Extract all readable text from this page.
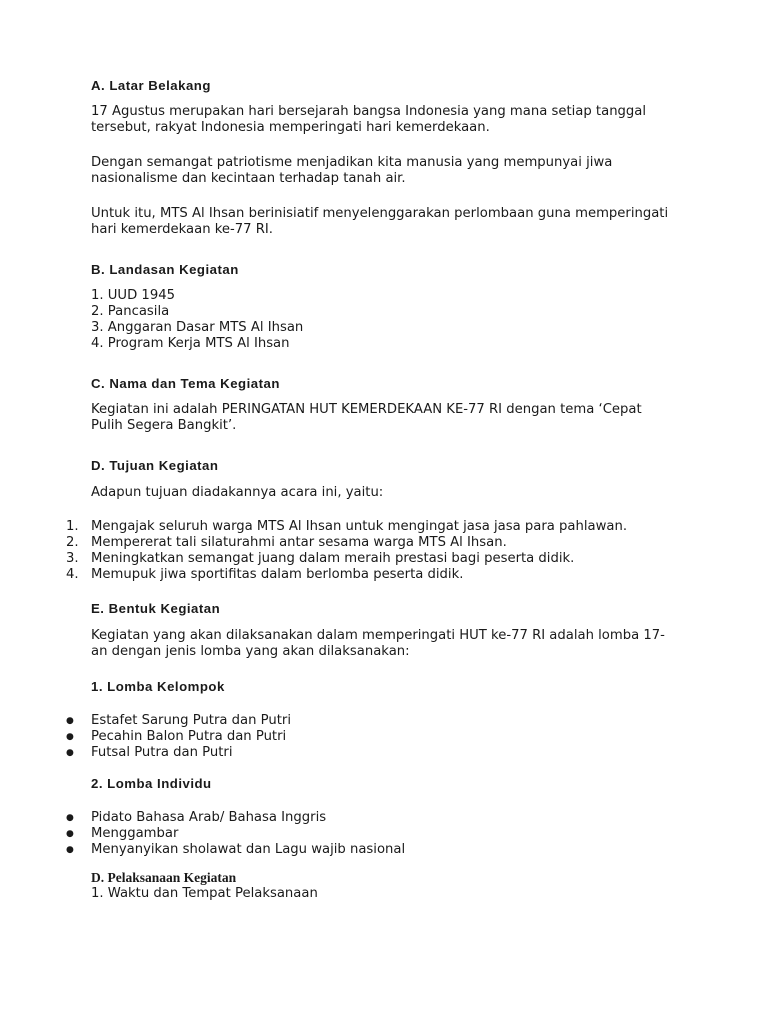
A. Latar Belakang
17 Agustus merupakan hari bersejarah bangsa Indonesia yang mana setiap tanggal
tersebut, rakyat Indonesia memperingati hari kemerdekaan.
Dengan semangat patriotisme menjadikan kita manusia yang mempunyai jiwa
nasionalisme dan kecintaan terhadap tanah air.
Untuk itu, MTS Al Ihsan berinisiatif menyelenggarakan perlombaan guna memperingati
hari kemerdekaan ke-77 RI.
B. Landasan Kegiatan
1. UUD 1945
2. Pancasila
3. Anggaran Dasar MTS Al Ihsan
4. Program Kerja MTS Al Ihsan
C. Nama dan Tema Kegiatan
Kegiatan ini adalah PERINGATAN HUT KEMERDEKAAN KE-77 RI dengan tema ‘Cepat
Pulih Segera Bangkit’.
D. Tujuan Kegiatan
Adapun tujuan diadakannya acara ini, yaitu:
1. Mengajak seluruh warga MTS Al Ihsan untuk mengingat jasa jasa para pahlawan.
2. Mempererat tali silaturahmi antar sesama warga MTS Al Ihsan.
3. Meningkatkan semangat juang dalam meraih prestasi bagi peserta didik.
4. Memupuk jiwa sportifitas dalam berlomba peserta didik.
E. Bentuk Kegiatan
Kegiatan yang akan dilaksanakan dalam memperingati HUT ke-77 RI adalah lomba 17-
an dengan jenis lomba yang akan dilaksanakan:
1. Lomba Kelompok
● Estafet Sarung Putra dan Putri
● Pecahin Balon Putra dan Putri
● Futsal Putra dan Putri
2. Lomba Individu
● Pidato Bahasa Arab/ Bahasa Inggris
● Menggambar
● Menyanyikan sholawat dan Lagu wajib nasional
D. Pelaksanaan Kegiatan
1. Waktu dan Tempat Pelaksanaan
